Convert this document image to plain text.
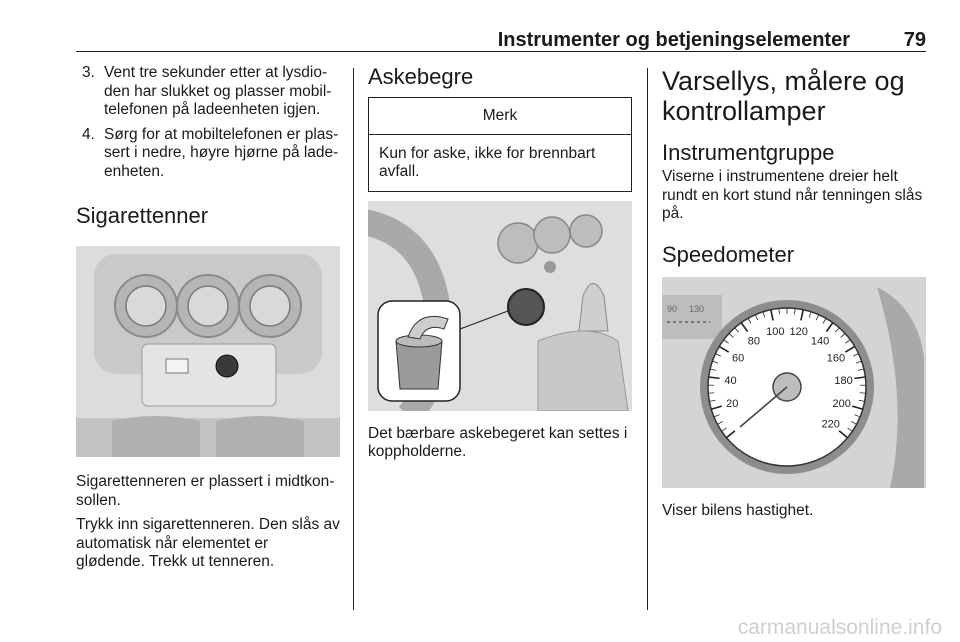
Instrumenter og betjeningselementer	79
3. Vent tre sekunder etter at lysdio-den har slukket og plasser mobil-telefonen på ladeenheten igjen.
4. Sørg for at mobiltelefonen er plas-sert i nedre, høyre hjørne på lade-enheten.
Sigarettenner

Sigarettenneren er plassert i midtkon-sollen.

Trykk inn sigarettenneren. Den slås av automatisk når elementet er glødende. Trekk ut tenneren.

Askebegre
Merk
Kun for aske, ikke for brennbart avfall.

Det bærbare askebegeret kan settes i koppholderne.

Varsellys, målere og kontrollamper
Instrumentgruppe

Viserne i instrumentene dreier helt rundt en kort stund når tenningen slås på.

Speedometer
90 130
20
40
60
80
100 120
140
160
180
200
220

Viser bilens hastighet.

carmanualsonline.info
